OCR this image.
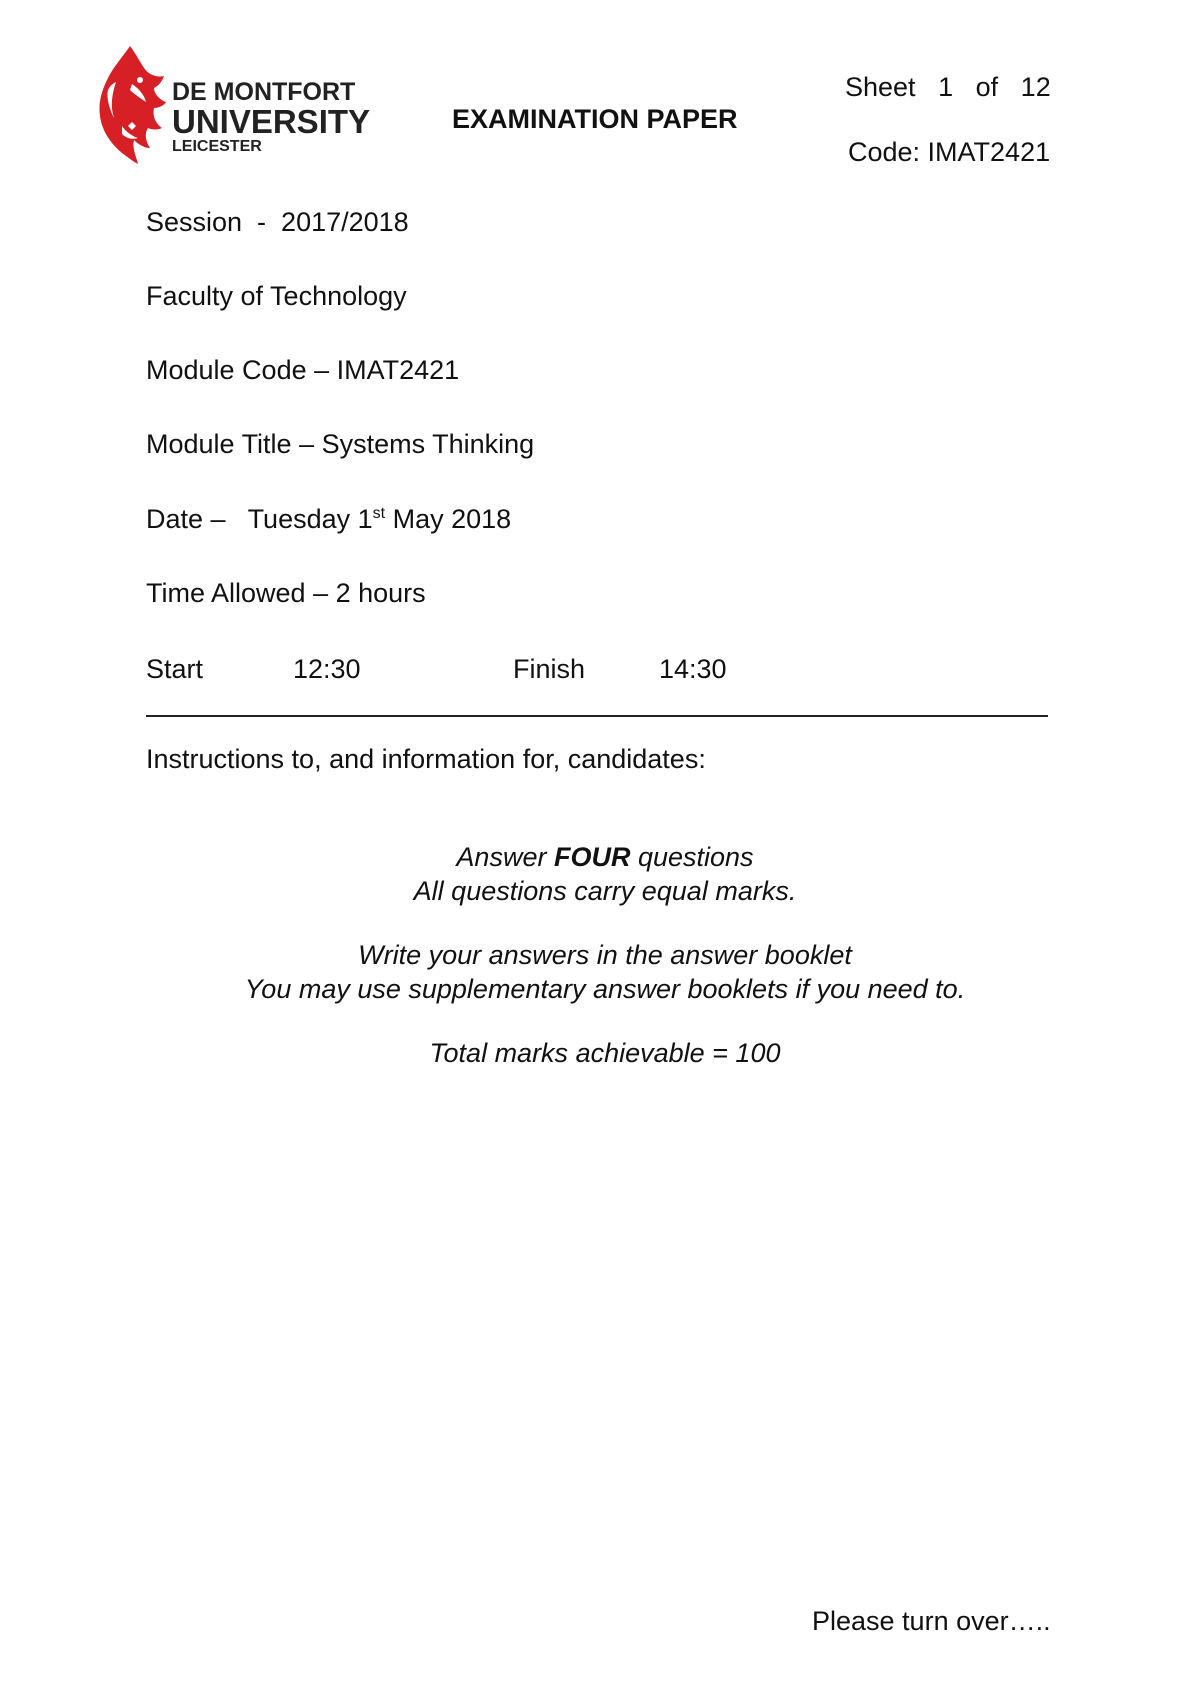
DE MONTFORT
UNIVERSITY
LEICESTER
EXAMINATION PAPER
Sheet 1 of 12
Code: IMAT2421
Session  -  2017/2018
Faculty of Technology
Module Code – IMAT2421
Module Title – Systems Thinking
Date –   Tuesday 1st May 2018
Time Allowed – 2 hours
Start	12:30	Finish	14:30
Instructions to, and information for, candidates:
Answer FOUR questions
All questions carry equal marks.
Write your answers in the answer booklet
You may use supplementary answer booklets if you need to.
Total marks achievable = 100
Please turn over…..
